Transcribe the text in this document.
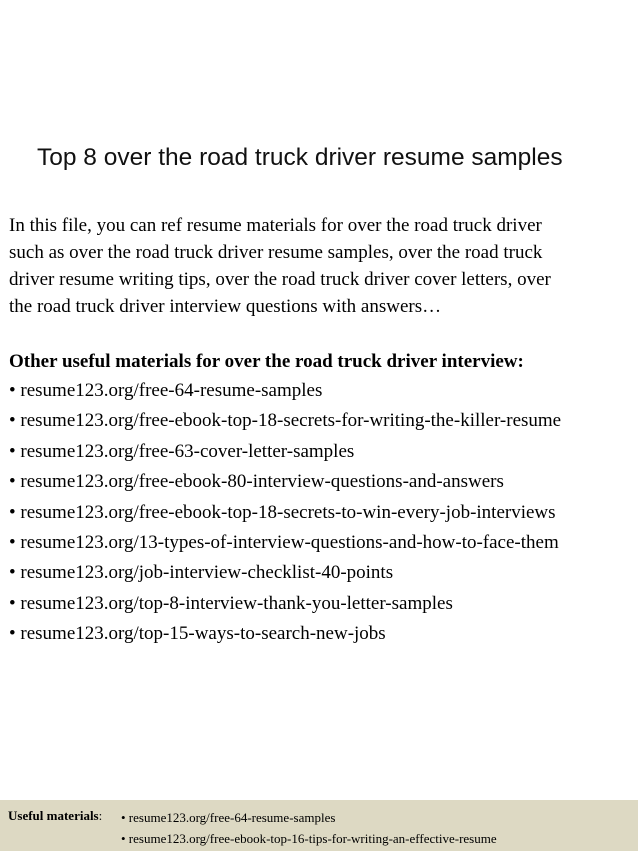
Top 8 over the road truck driver resume samples
In this file, you can ref resume materials for over the road truck driver
such as over the road truck driver resume samples, over the road truck
driver resume writing tips, over the road truck driver cover letters, over
the road truck driver interview questions with answers…
Other useful materials for over the road truck driver interview:
• resume123.org/free-64-resume-samples
• resume123.org/free-ebook-top-18-secrets-for-writing-the-killer-resume
• resume123.org/free-63-cover-letter-samples
• resume123.org/free-ebook-80-interview-questions-and-answers
• resume123.org/free-ebook-top-18-secrets-to-win-every-job-interviews
• resume123.org/13-types-of-interview-questions-and-how-to-face-them
• resume123.org/job-interview-checklist-40-points
• resume123.org/top-8-interview-thank-you-letter-samples
• resume123.org/top-15-ways-to-search-new-jobs
Useful materials: • resume123.org/free-64-resume-samples
• resume123.org/free-ebook-top-16-tips-for-writing-an-effective-resume
